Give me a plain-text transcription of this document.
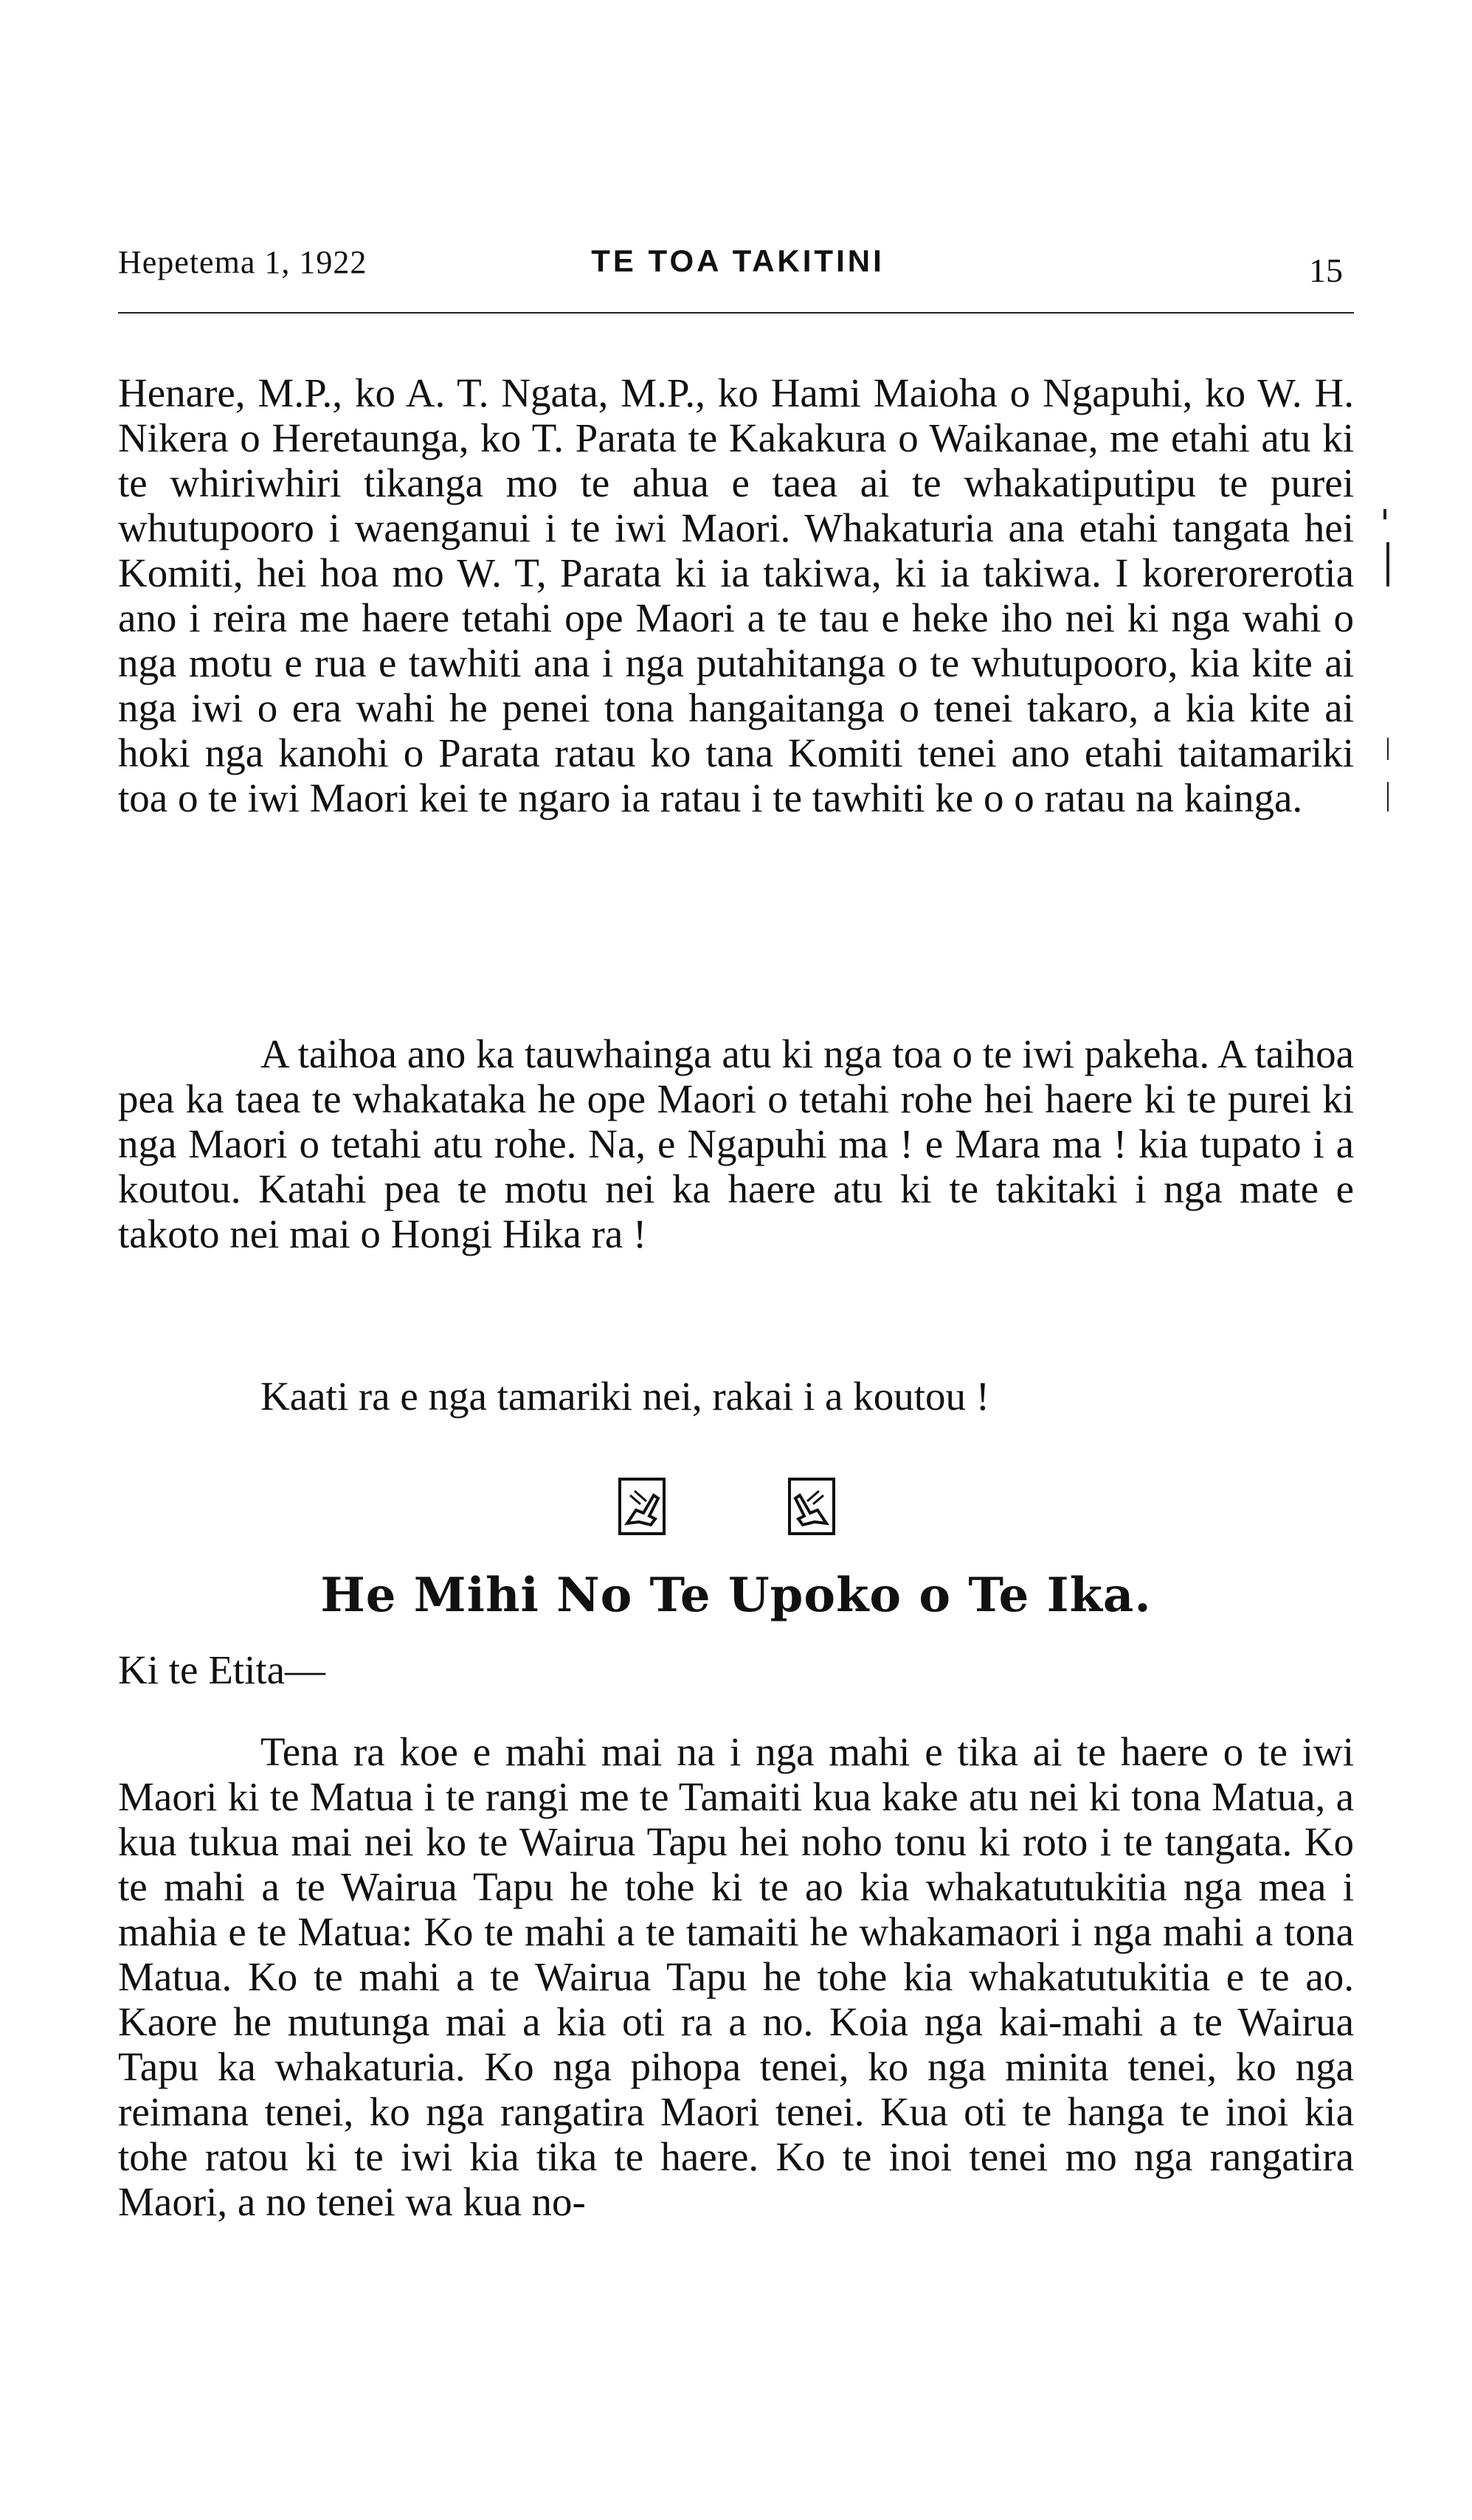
Hepetema 1, 1922	TE TOA TAKITINI	15

Henare, M.P., ko A. T. Ngata, M.P., ko Hami Maioha o Ngapuhi, ko W. H. Nikera o Heretaunga, ko T. Parata te Kakakura o Waikanae, me etahi atu ki te whiriwhiri tikanga mo te ahua e taea ai te whakatiputipu te purei whutupooro i waenganui i te iwi Maori. Whakaturia ana etahi tangata hei Komiti, hei hoa mo W. T, Parata ki ia takiwa, ki ia takiwa. I korerorerotia ano i reira me haere tetahi ope Maori a te tau e heke iho nei ki nga wahi o nga motu e rua e tawhiti ana i nga putahitanga o te whutupooro, kia kite ai nga iwi o era wahi he penei tona hangaitanga o tenei takaro, a kia kite ai hoki nga kanohi o Parata ratau ko tana Komiti tenei ano etahi taitamariki toa o te iwi Maori kei te ngaro ia ratau i te tawhiti ke o o ratau na kainga.

A taihoa ano ka tauwhainga atu ki nga toa o te iwi pakeha. A taihoa pea ka taea te whakataka he ope Maori o tetahi rohe hei haere ki te purei ki nga Maori o tetahi atu rohe. Na, e Ngapuhi ma ! e Mara ma ! kia tupato i a koutou. Katahi pea te motu nei ka haere atu ki te takitaki i nga mate e takoto nei mai o Hongi Hika ra !

Kaati ra e nga tamariki nei, rakai i a koutou !

He Mihi No Te Upoko o Te Ika.

Ki te Etita—

Tena ra koe e mahi mai na i nga mahi e tika ai te haere o te iwi Maori ki te Matua i te rangi me te Tamaiti kua kake atu nei ki tona Matua, a kua tukua mai nei ko te Wairua Tapu hei noho tonu ki roto i te tangata. Ko te mahi a te Wairua Tapu he tohe ki te ao kia whakatutukitia nga mea i mahia e te Matua: Ko te mahi a te tamaiti he whakamaori i nga mahi a tona Matua. Ko te mahi a te Wairua Tapu he tohe kia whakatutukitia e te ao. Kaore he mutunga mai a kia oti ra a no. Koia nga kai-mahi a te Wairua Tapu ka whakaturia. Ko nga pihopa tenei, ko nga minita tenei, ko nga reimana tenei, ko nga rangatira Maori tenei. Kua oti te hanga te inoi kia tohe ratou ki te iwi kia tika te haere. Ko te inoi tenei mo nga rangatira Maori, a no tenei wa kua no-
